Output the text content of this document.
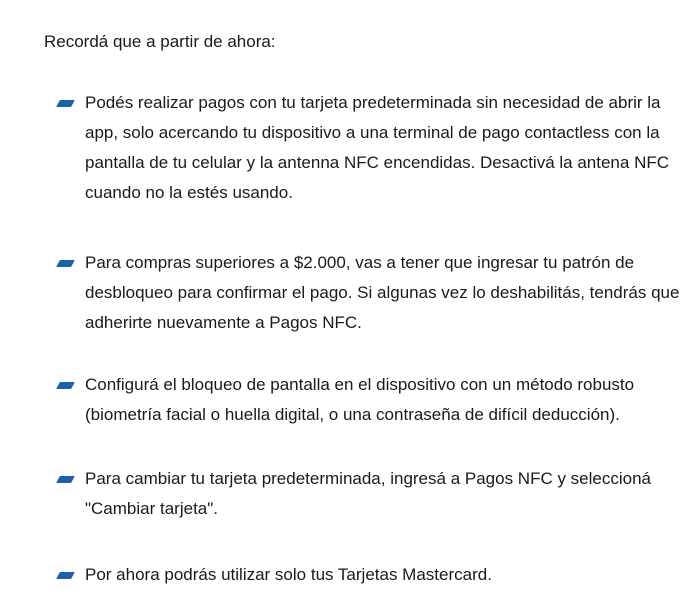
Recordá que a partir de ahora:

Podés realizar pagos con tu tarjeta predeterminada sin necesidad de abrir la app, solo acercando tu dispositivo a una terminal de pago contactless con la pantalla de tu celular y la antenna NFC encendidas. Desactivá la antena NFC cuando no la estés usando.

Para compras superiores a $2.000, vas a tener que ingresar tu patrón de desbloqueo para confirmar el pago. Si algunas vez lo deshabilitás, tendrás que adherirte nuevamente a Pagos NFC.

Configurá el bloqueo de pantalla en el dispositivo con un método robusto (biometría facial o huella digital, o una contraseña de difícil deducción).

Para cambiar tu tarjeta predeterminada, ingresá a Pagos NFC y seleccioná "Cambiar tarjeta".

Por ahora podrás utilizar solo tus Tarjetas Mastercard.
